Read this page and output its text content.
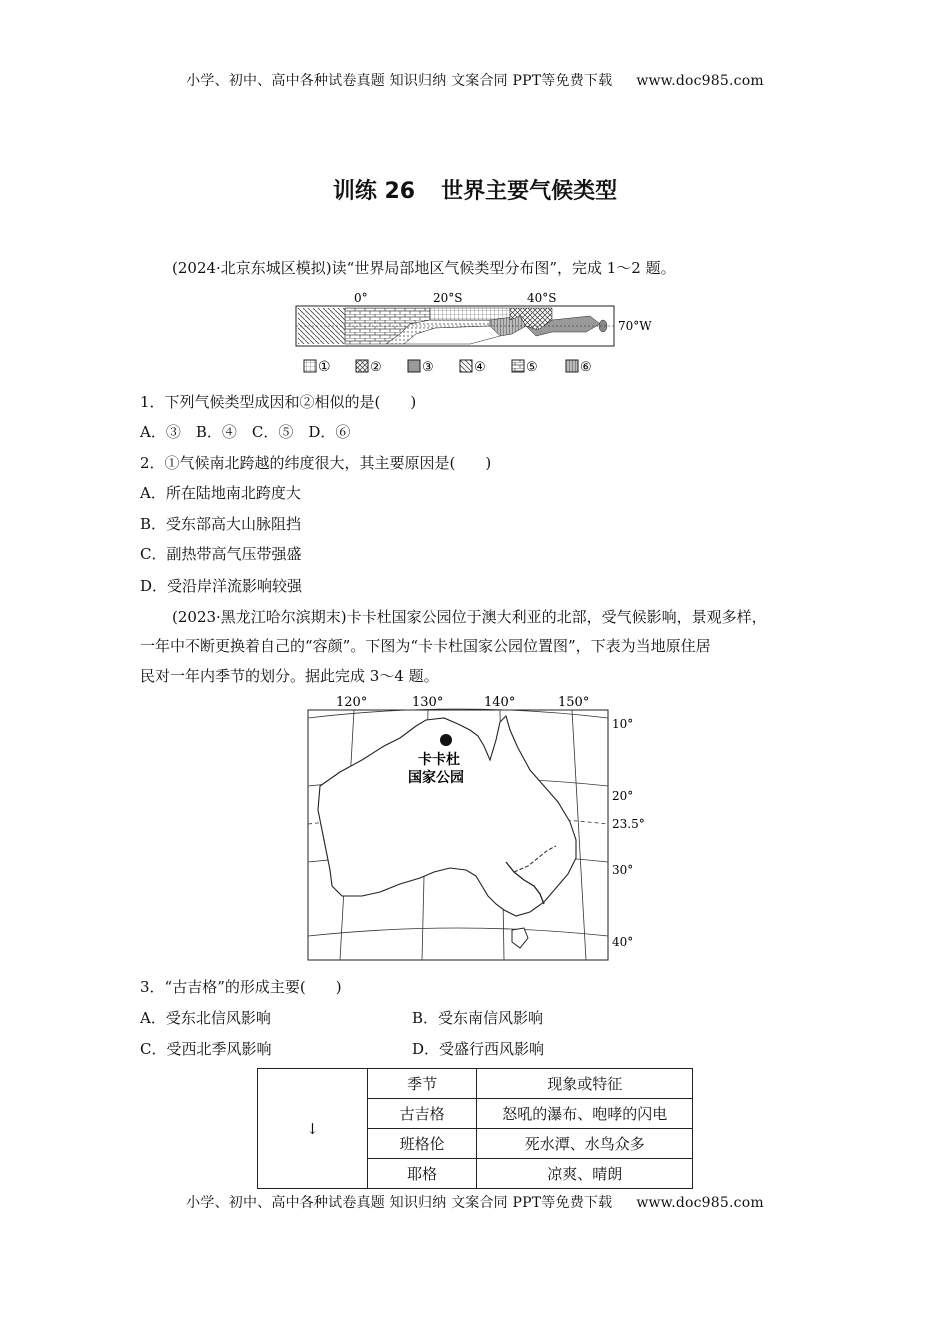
小学、初中、高中各种试卷真题 知识归纳 文案合同 PPT等免费下载 www.doc985.com
训练 26 世界主要气候类型
(2024·北京东城区模拟)读“世界局部地区气候类型分布图”，完成 1～2 题。
0°	20°S	40°S
70°W
①	②	③	④	⑤	⑥
1．下列气候类型成因和②相似的是(　　)
A．③　B．④　C．⑤　D．⑥
2．①气候南北跨越的纬度很大，其主要原因是(　　)
A．所在陆地南北跨度大
B．受东部高大山脉阻挡
C．副热带高气压带强盛
D．受沿岸洋流影响较强
(2023·黑龙江哈尔滨期末)卡卡杜国家公园位于澳大利亚的北部，受气候影响，景观多样，
一年中不断更换着自己的“容颜”。下图为“卡卡杜国家公园位置图”，下表为当地原住居
民对一年内季节的划分。据此完成 3～4 题。
120°	130°	140°	150°
10°
20°
23.5°
30°
40°
卡卡杜
国家公园
3．“古吉格”的形成主要(　　)
A．受东北信风影响	B．受东南信风影响
C．受西北季风影响	D．受盛行西风影响
↓	季节	现象或特征
	古吉格	怒吼的瀑布、咆哮的闪电
	班格伦	死水潭、水鸟众多
	耶格	凉爽、晴朗
小学、初中、高中各种试卷真题 知识归纳 文案合同 PPT等免费下载 www.doc985.com
